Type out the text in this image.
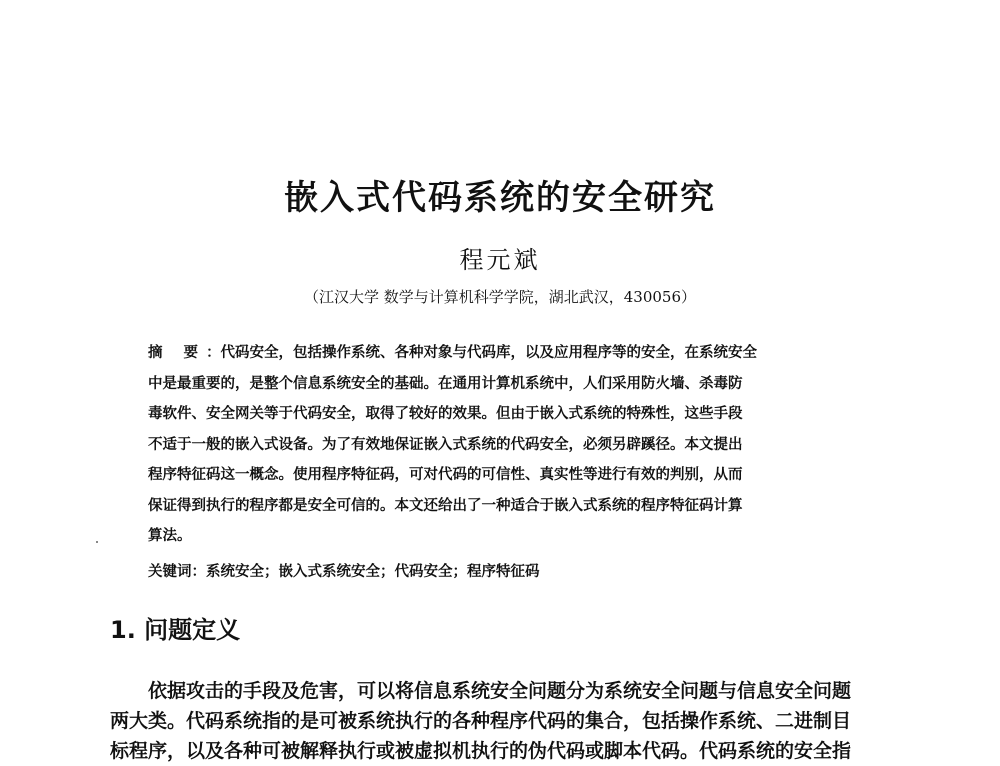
嵌入式代码系统的安全研究
程元斌
（江汉大学 数学与计算机科学学院，湖北武汉，430056）
摘 要：代码安全，包括操作系统、各种对象与代码库，以及应用程序等的安全，在系统安全
中是最重要的，是整个信息系统安全的基础。在通用计算机系统中，人们采用防火墙、杀毒防
毒软件、安全网关等于代码安全，取得了较好的效果。但由于嵌入式系统的特殊性，这些手段
不适于一般的嵌入式设备。为了有效地保证嵌入式系统的代码安全，必须另辟蹊径。本文提出
程序特征码这一概念。使用程序特征码，可对代码的可信性、真实性等进行有效的判别，从而
保证得到执行的程序都是安全可信的。本文还给出了一种适合于嵌入式系统的程序特征码计算
算法。
关键词：系统安全；嵌入式系统安全；代码安全；程序特征码
1. 问题定义
　　依据攻击的手段及危害，可以将信息系统安全问题分为系统安全问题与信息安全问题
两大类。代码系统指的是可被系统执行的各种程序代码的集合，包括操作系统、二进制目
标程序，以及各种可被解释执行或被虚拟机执行的伪代码或脚本代码。代码系统的安全指
